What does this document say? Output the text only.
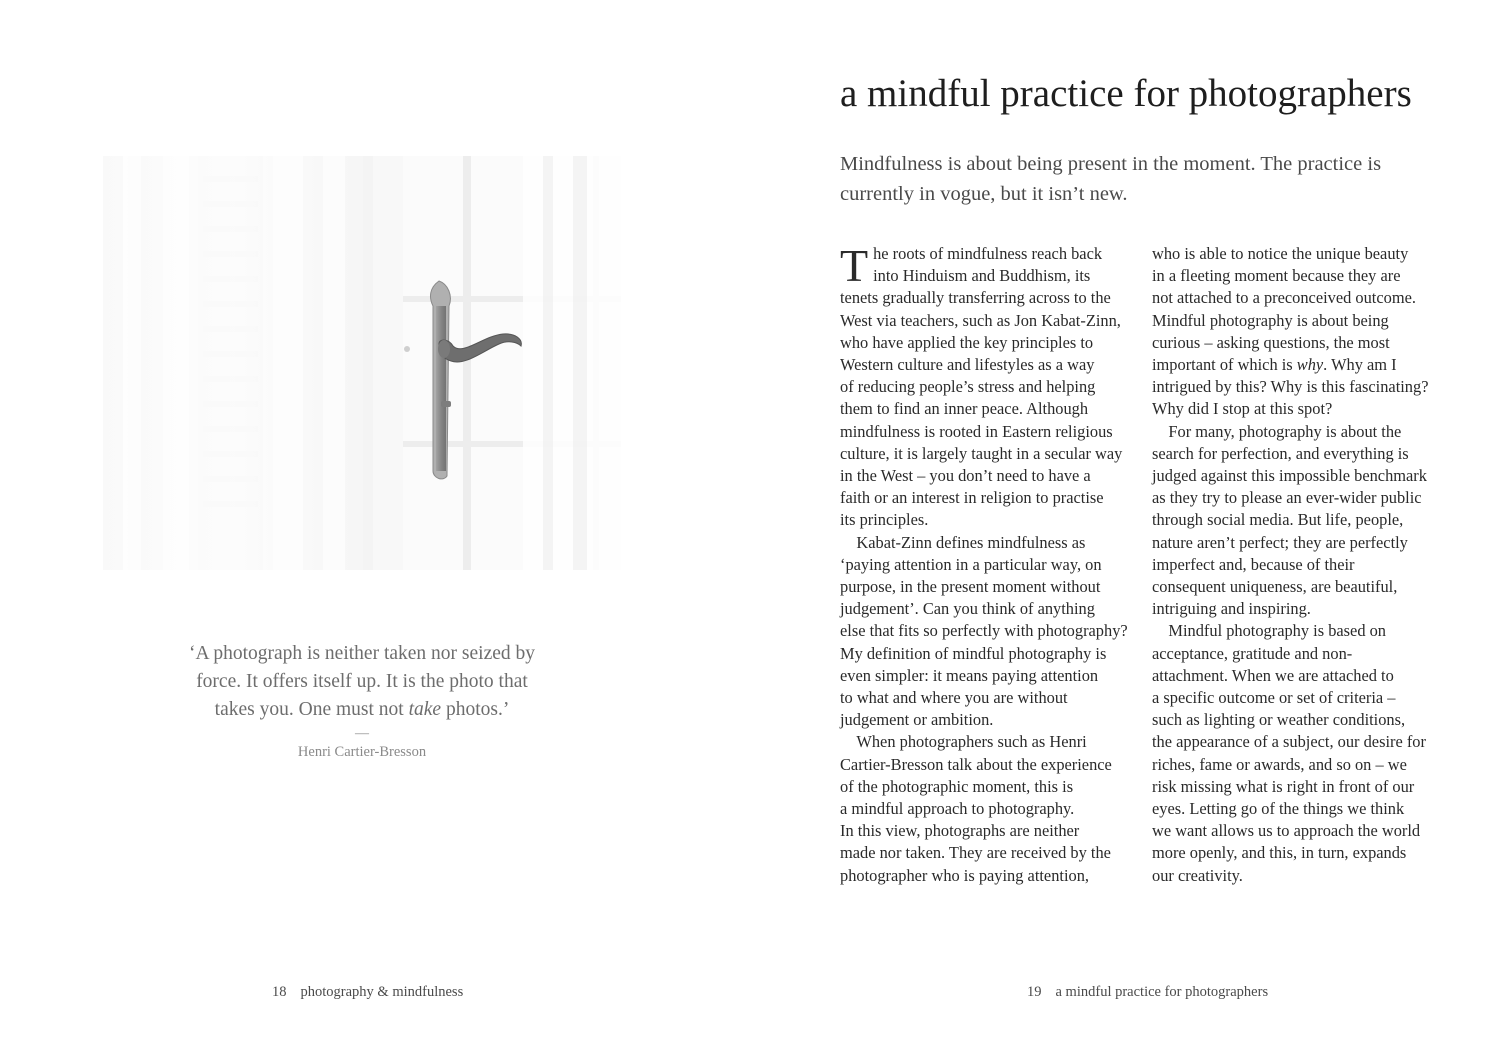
‘A photograph is neither taken nor seized by

force. It offers itself up. It is the photo that

takes you. One must not take photos.’

—
Henri Cartier-Bresson
18 photography & mindfulness
a mindful practice for photographers

Mindfulness is about being present in the moment. The practice is currently in vogue, but it isn’t new.

The roots of mindfulness reach back
into Hinduism and Buddhism, its
tenets gradually transferring across to the
West via teachers, such as Jon Kabat-Zinn,
who have applied the key principles to
Western culture and lifestyles as a way
of reducing people’s stress and helping
them to find an inner peace. Although
mindfulness is rooted in Eastern religious
culture, it is largely taught in a secular way
in the West – you don’t need to have a
faith or an interest in religion to practise
its principles.
 Kabat-Zinn defines mindfulness as
‘paying attention in a particular way, on
purpose, in the present moment without
judgement’. Can you think of anything
else that fits so perfectly with photography?
My definition of mindful photography is
even simpler: it means paying attention
to what and where you are without
judgement or ambition.
 When photographers such as Henri
Cartier-Bresson talk about the experience
of the photographic moment, this is
a mindful approach to photography.
In this view, photographs are neither
made nor taken. They are received by the
photographer who is paying attention,
who is able to notice the unique beauty
in a fleeting moment because they are
not attached to a preconceived outcome.
Mindful photography is about being
curious – asking questions, the most
important of which is why. Why am I
intrigued by this? Why is this fascinating?
Why did I stop at this spot?
 For many, photography is about the
search for perfection, and everything is
judged against this impossible benchmark
as they try to please an ever-wider public
through social media. But life, people,
nature aren’t perfect; they are perfectly
imperfect and, because of their
consequent uniqueness, are beautiful,
intriguing and inspiring.
 Mindful photography is based on
acceptance, gratitude and non-
attachment. When we are attached to
a specific outcome or set of criteria –
such as lighting or weather conditions,
the appearance of a subject, our desire for
riches, fame or awards, and so on – we
risk missing what is right in front of our
eyes. Letting go of the things we think
we want allows us to approach the world
more openly, and this, in turn, expands
our creativity.
19 a mindful practice for photographers
